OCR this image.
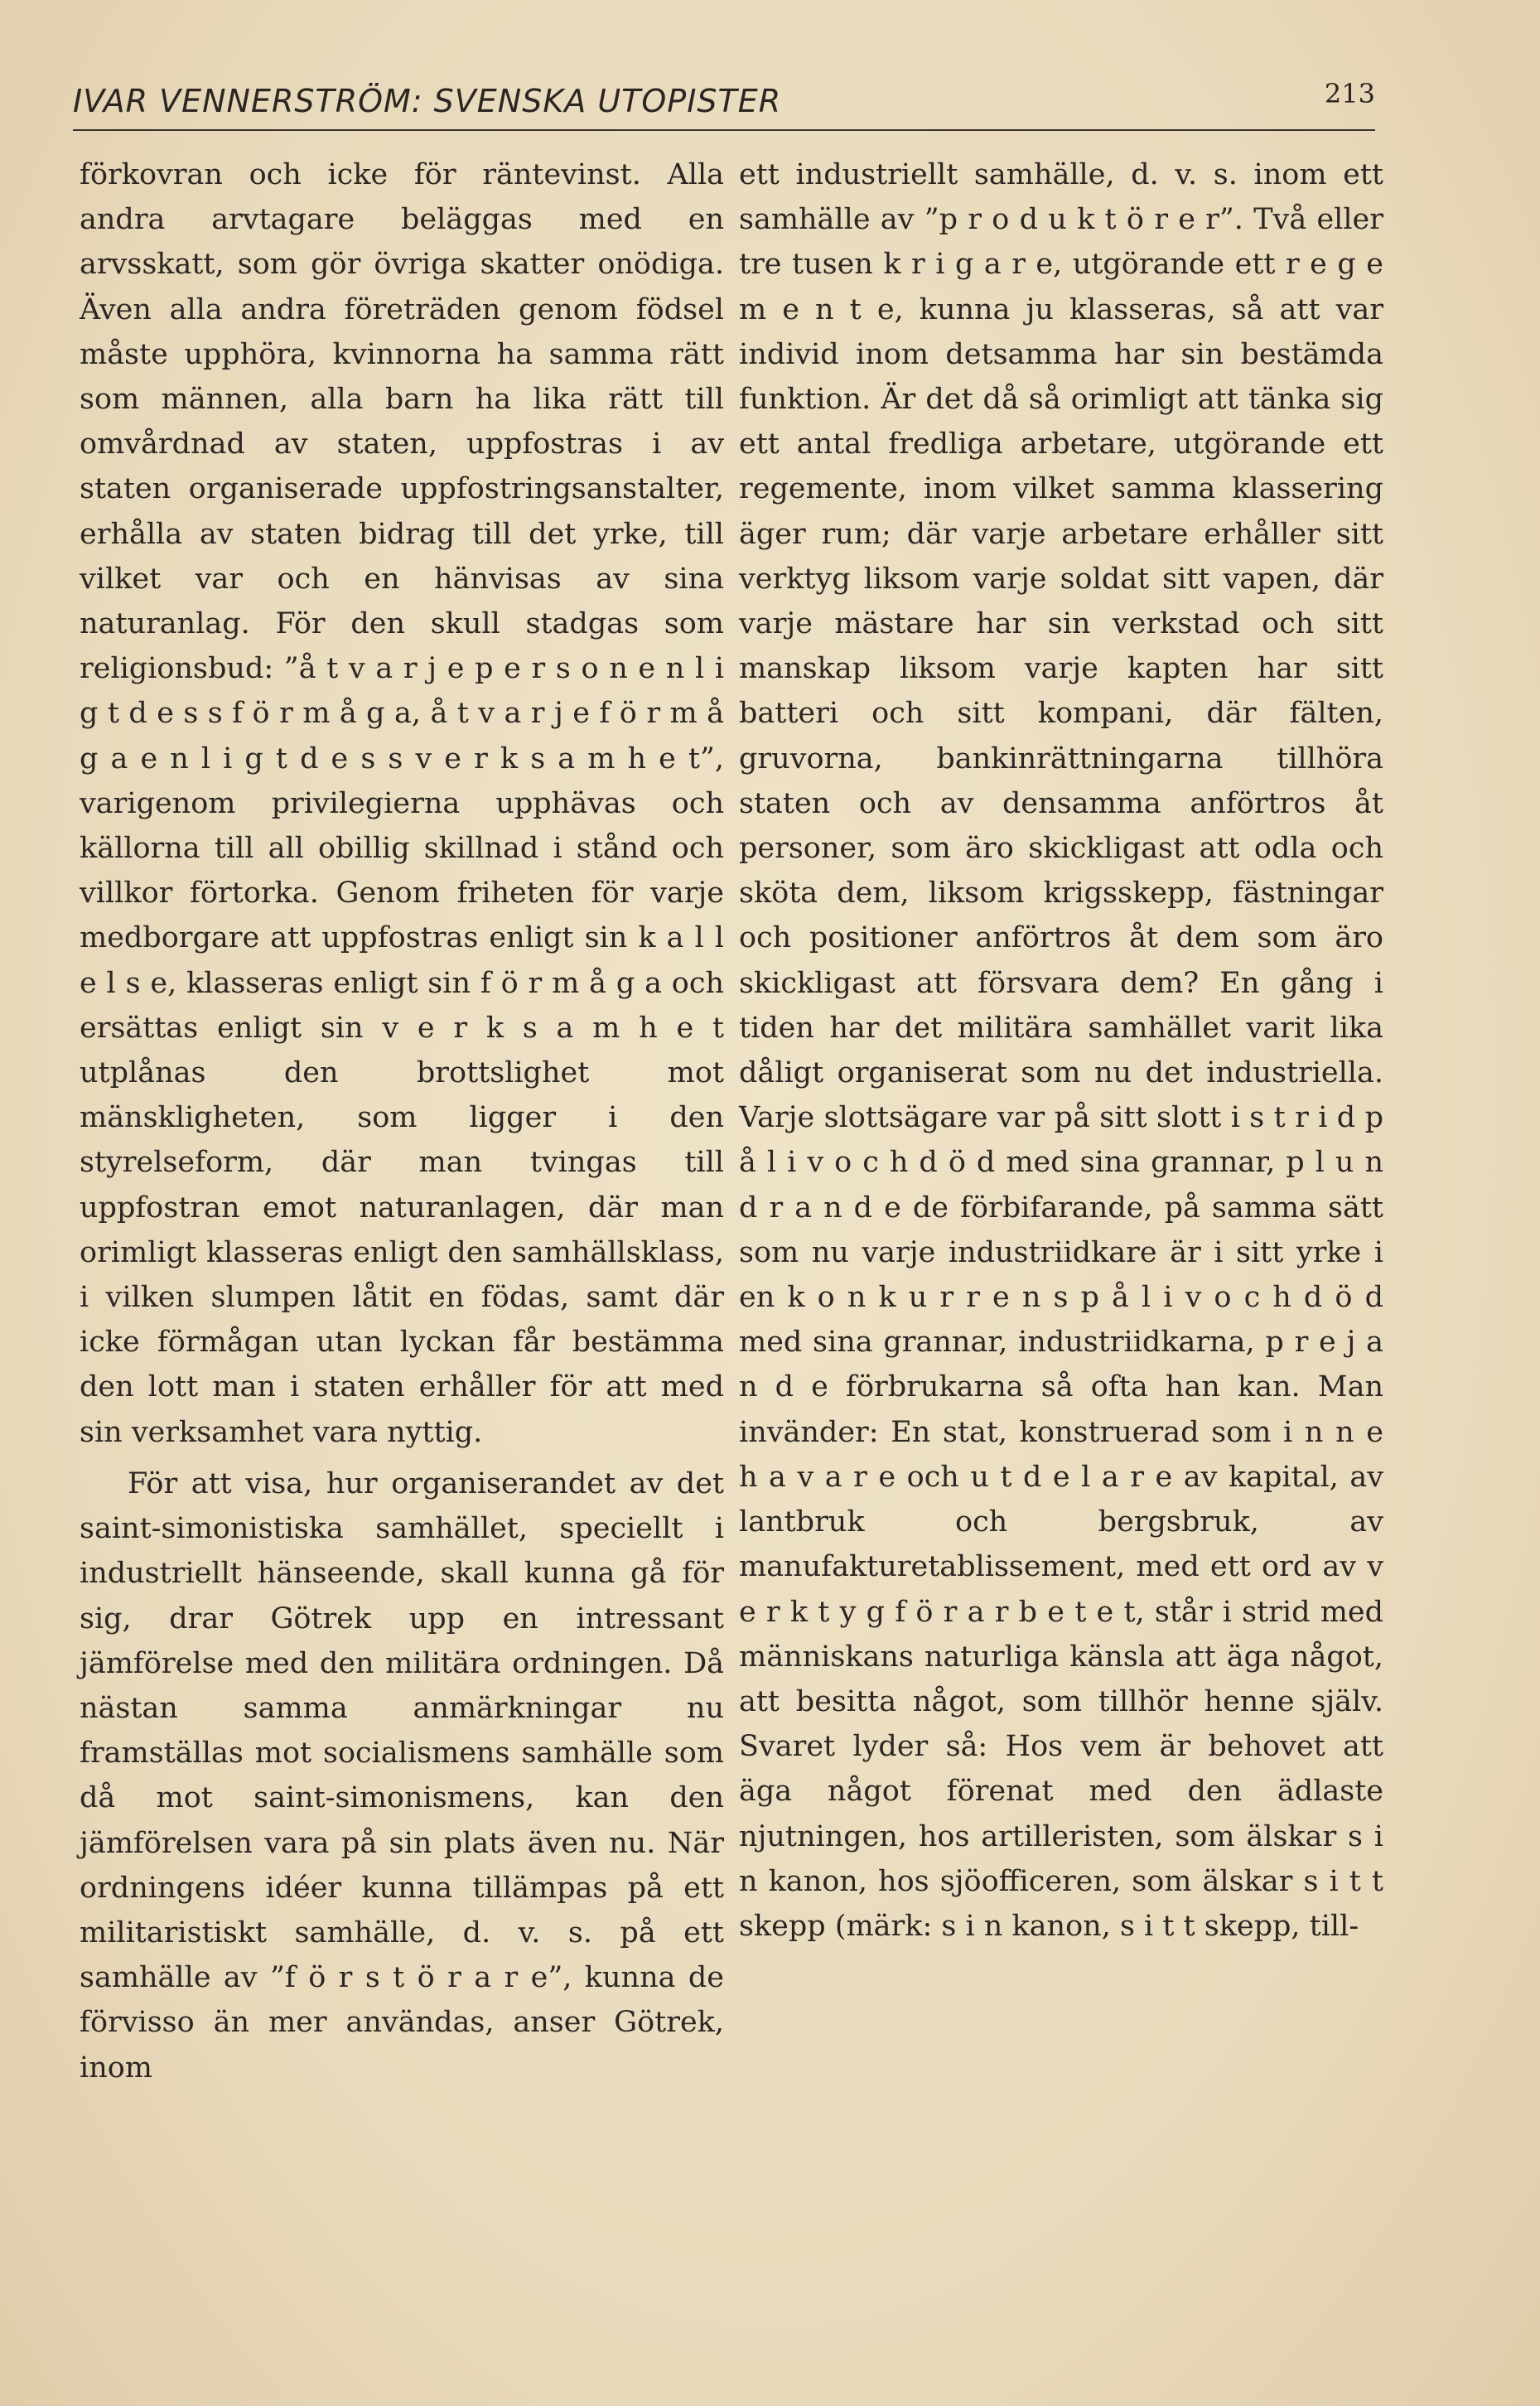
IVAR VENNERSTRÖM: SVENSKA UTOPISTER	213

förkovran och icke för räntevinst. Alla andra arvtagare beläggas med en arvsskatt, som gör övriga skatter onödiga. Även alla andra företräden genom födsel måste upphöra, kvinnorna ha samma rätt som männen, alla barn ha lika rätt till omvårdnad av staten, uppfostras i av staten organiserade uppfostringsanstalter, erhålla av staten bidrag till det yrke, till vilket var och en hänvisas av sina naturanlag. För den skull stadgas som religionsbud: ”å t v a r j e p e r s o n e n l i g t d e s s f ö r m å g a, å t v a r j e f ö r m å g a e n l i g t d e s s v e r k s a m h e t”, varigenom privilegierna upphävas och källorna till all obillig skillnad i stånd och villkor förtorka. Genom friheten för varje medborgare att uppfostras enligt sin k a l l e l s e, klasseras enligt sin f ö r m å g a och ersättas enligt sin v e r k s a m h e t utplånas den brottslighet mot mänskligheten, som ligger i den styrelseform, där man tvingas till uppfostran emot naturanlagen, där man orimligt klasseras enligt den samhällsklass, i vilken slumpen låtit en födas, samt där icke förmågan utan lyckan får bestämma den lott man i staten erhåller för att med sin verksamhet vara nyttig.

För att visa, hur organiserandet av det saint-simonistiska samhället, speciellt i industriellt hänseende, skall kunna gå för sig, drar Götrek upp en intressant jämförelse med den militära ordningen. Då nästan samma anmärkningar nu framställas mot socialismens samhälle som då mot saint-simonismens, kan den jämförelsen vara på sin plats även nu. När ordningens idéer kunna tillämpas på ett militaristiskt samhälle, d. v. s. på ett samhälle av ”f ö r s t ö r a r e”, kunna de förvisso än mer användas, anser Götrek, inom

ett industriellt samhälle, d. v. s. inom ett samhälle av ”p r o d u k t ö r e r”. Två eller tre tusen k r i g a r e, utgörande ett r e g e m e n t e, kunna ju klasseras, så att var individ inom detsamma har sin bestämda funktion. Är det då så orimligt att tänka sig ett antal fredliga arbetare, utgörande ett regemente, inom vilket samma klassering äger rum; där varje arbetare erhåller sitt verktyg liksom varje soldat sitt vapen, där varje mästare har sin verkstad och sitt manskap liksom varje kapten har sitt batteri och sitt kompani, där fälten, gruvorna, bankinrättningarna tillhöra staten och av densamma anförtros åt personer, som äro skickligast att odla och sköta dem, liksom krigsskepp, fästningar och positioner anförtros åt dem som äro skickligast att försvara dem? En gång i tiden har det militära samhället varit lika dåligt organiserat som nu det industriella. Varje slottsägare var på sitt slott i s t r i d p å l i v o c h d ö d med sina grannar, p l u n d r a n d e de förbifarande, på samma sätt som nu varje industriidkare är i sitt yrke i en k o n k u r r e n s p å l i v o c h d ö d med sina grannar, industriidkarna, p r e j a n d e förbrukarna så ofta han kan. Man invänder: En stat, konstruerad som i n n e h a v a r e och u t d e l a r e av kapital, av lantbruk och bergsbruk, av manufakturetablissement, med ett ord av v e r k t y g f ö r a r b e t e t, står i strid med människans naturliga känsla att äga något, att besitta något, som tillhör henne själv. Svaret lyder så: Hos vem är behovet att äga något förenat med den ädlaste njutningen, hos artilleristen, som älskar s i n kanon, hos sjöofficeren, som älskar s i t t skepp (märk: s i n kanon, s i t t skepp, till-
